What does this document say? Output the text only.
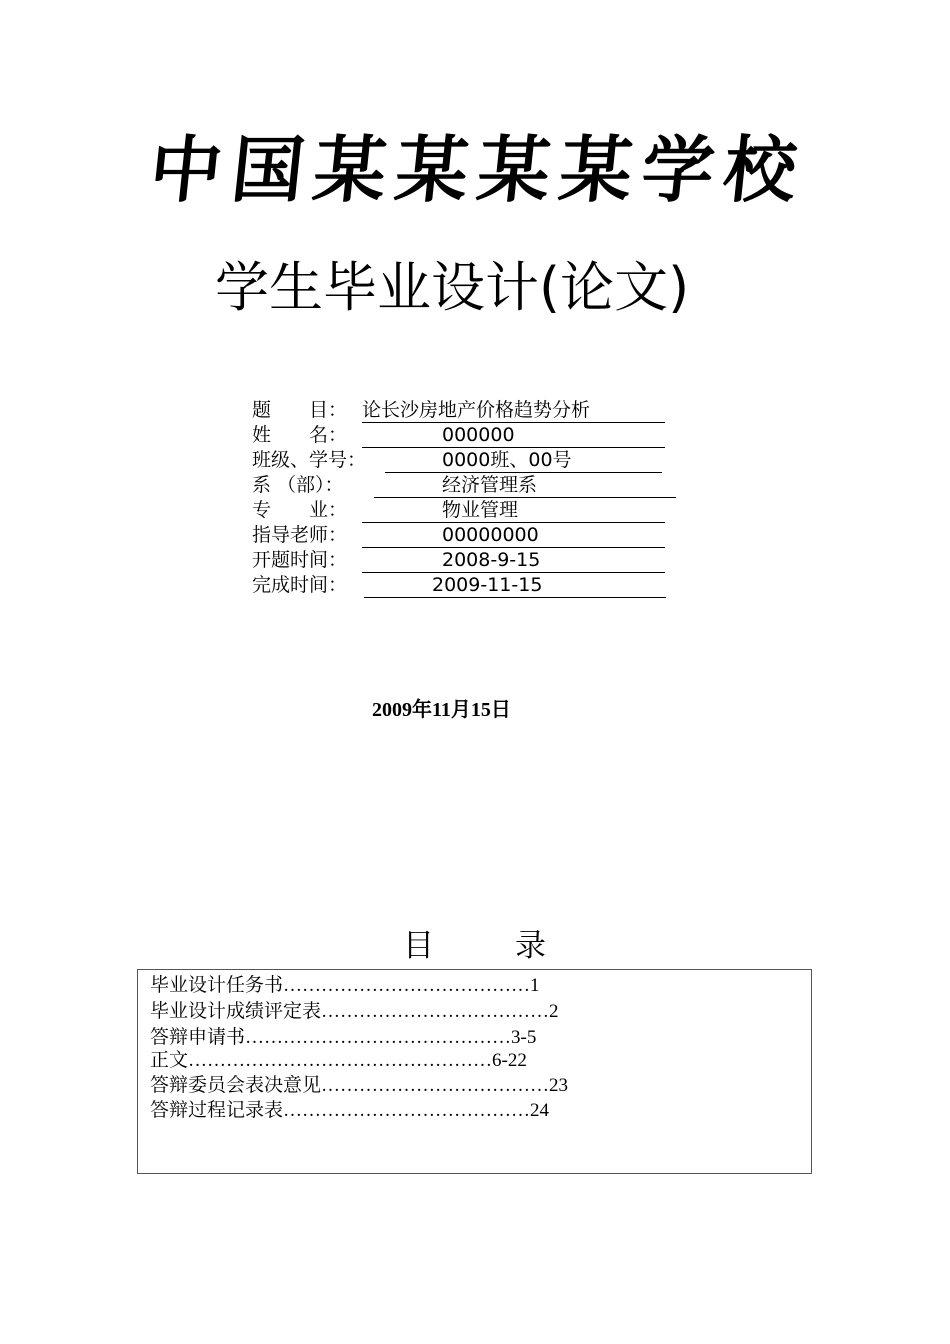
中国某某某某学校
学生毕业设计(论文)
题　　目： 论长沙房地产价格趋势分析
姓　　名：	000000
班级、学号：	0000班、00号
系 （部）：	经济管理系
专　　业：	物业管理
指导老师：	00000000
开题时间：	2008-9-15
完成时间：	2009-11-15
2009年11月15日
目	录
毕业设计任务书…………………………………1
毕业设计成绩评定表………………………………2
答辩申请书……………………………………3-5
正文…………………………………………6-22
答辩委员会表决意见………………………………23
答辩过程记录表…………………………………24
